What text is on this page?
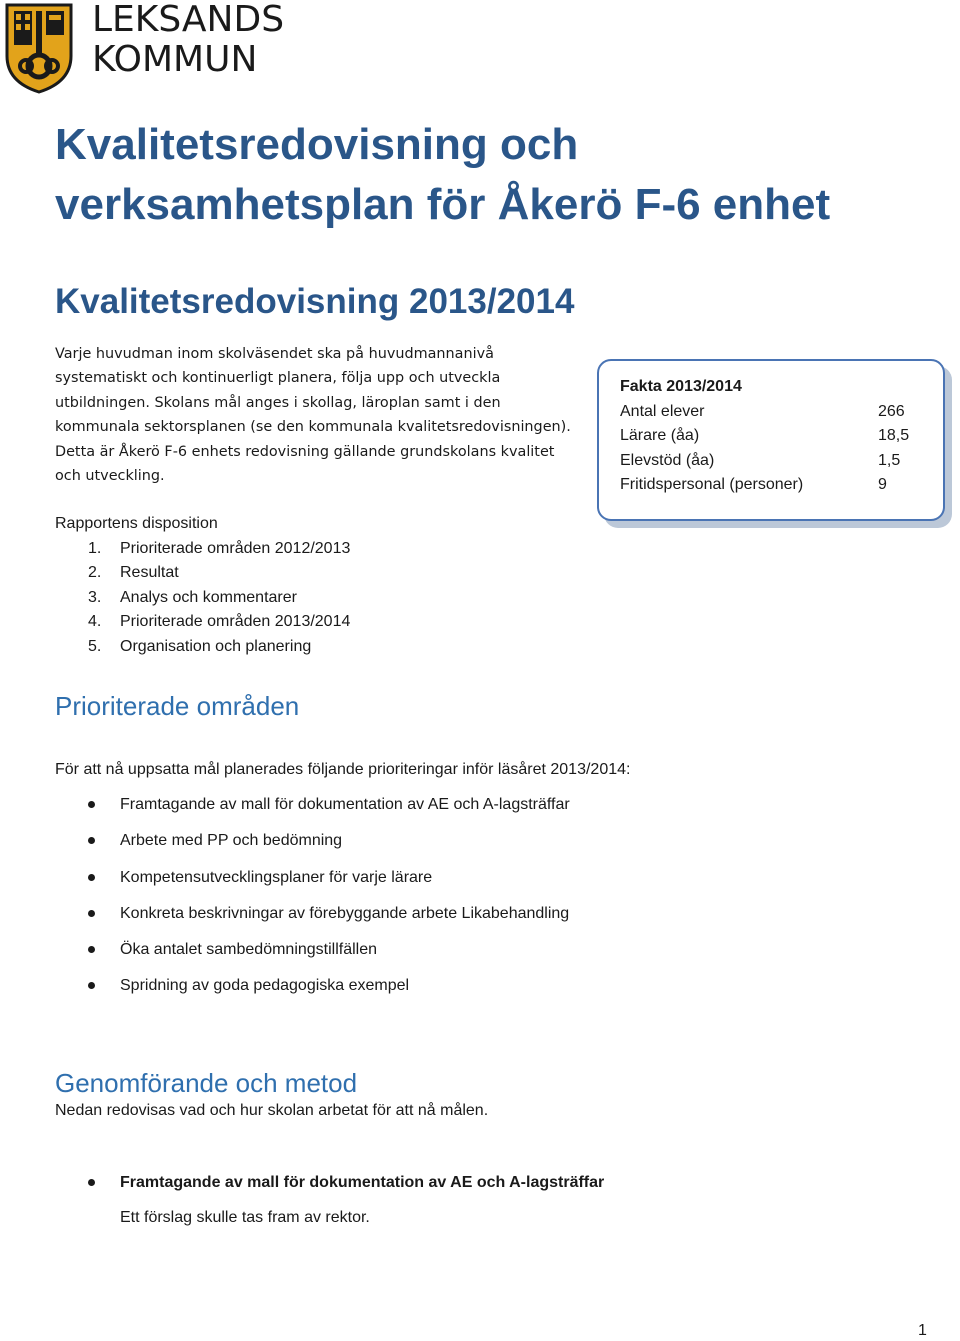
LEKSANDS
KOMMUN
Kvalitetsredovisning och verksamhetsplan för Åkerö F-6 enhet
Kvalitetsredovisning 2013/2014

Varje huvudman inom skolväsendet ska på huvudmannanivå systematiskt och kontinuerligt planera, följa upp och utveckla utbildningen. Skolans mål anges i skollag, läroplan samt i den kommunala sektorsplanen (se den kommunala kvalitetsredovisningen). Detta är Åkerö F-6 enhets redovisning gällande grundskolans kvalitet och utveckling.

Fakta 2013/2014
Antal elever	266
Lärare (åa)	18,5
Elevstöd (åa)	1,5
Fritidspersonal (personer)	9
Rapportens disposition
1.	Prioriterade områden 2012/2013
2.	Resultat
3.	Analys och kommentarer
4.	Prioriterade områden 2013/2014
5.	Organisation och planering
Prioriterade områden

För att nå uppsatta mål planerades följande prioriteringar inför läsåret 2013/2014:

Framtagande av mall för dokumentation av AE och A-lagsträffar
Arbete med PP och bedömning
Kompetensutvecklingsplaner för varje lärare
Konkreta beskrivningar av förebyggande arbete Likabehandling
Öka antalet sambedömningstillfällen
Spridning av goda pedagogiska exempel
Genomförande och metod

Nedan redovisas vad och hur skolan arbetat för att nå målen.

Framtagande av mall för dokumentation av AE och A-lagsträffar

Ett förslag skulle tas fram av rektor.

1
